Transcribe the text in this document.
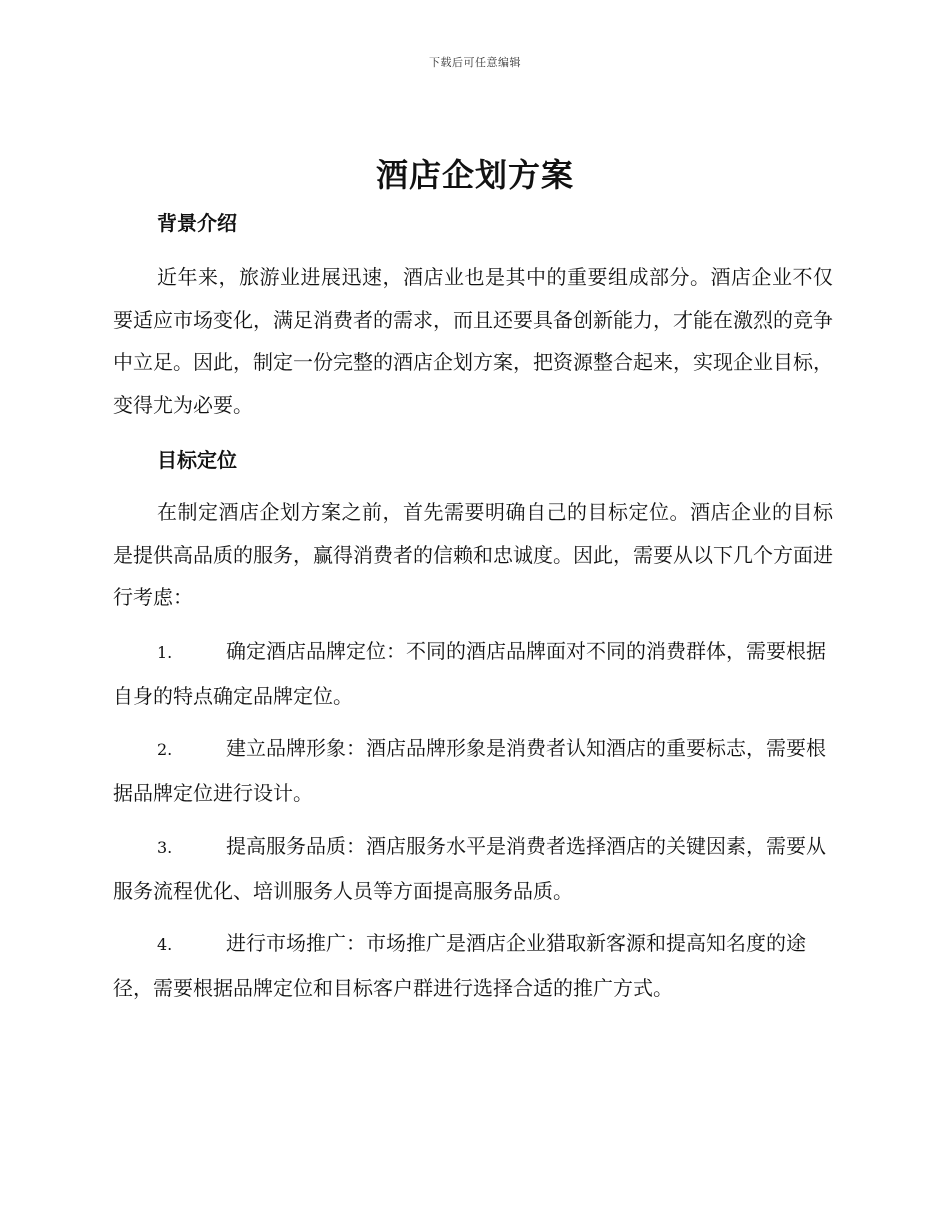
下载后可任意编辑
酒店企划方案
背景介绍

近年来，旅游业进展迅速，酒店业也是其中的重要组成部分。酒店企业不仅要适应市场变化，满足消费者的需求，而且还要具备创新能力，才能在激烈的竞争中立足。因此，制定一份完整的酒店企划方案，把资源整合起来，实现企业目标，变得尤为必要。

目标定位

在制定酒店企划方案之前，首先需要明确自己的目标定位。酒店企业的目标是提供高品质的服务，赢得消费者的信赖和忠诚度。因此，需要从以下几个方面进行考虑：

1.	确定酒店品牌定位：不同的酒店品牌面对不同的消费群体，需要根据自身的特点确定品牌定位。

2.	建立品牌形象：酒店品牌形象是消费者认知酒店的重要标志，需要根据品牌定位进行设计。

3.	提高服务品质：酒店服务水平是消费者选择酒店的关键因素，需要从服务流程优化、培训服务人员等方面提高服务品质。

4.	进行市场推广：市场推广是酒店企业猎取新客源和提高知名度的途径，需要根据品牌定位和目标客户群进行选择合适的推广方式。
